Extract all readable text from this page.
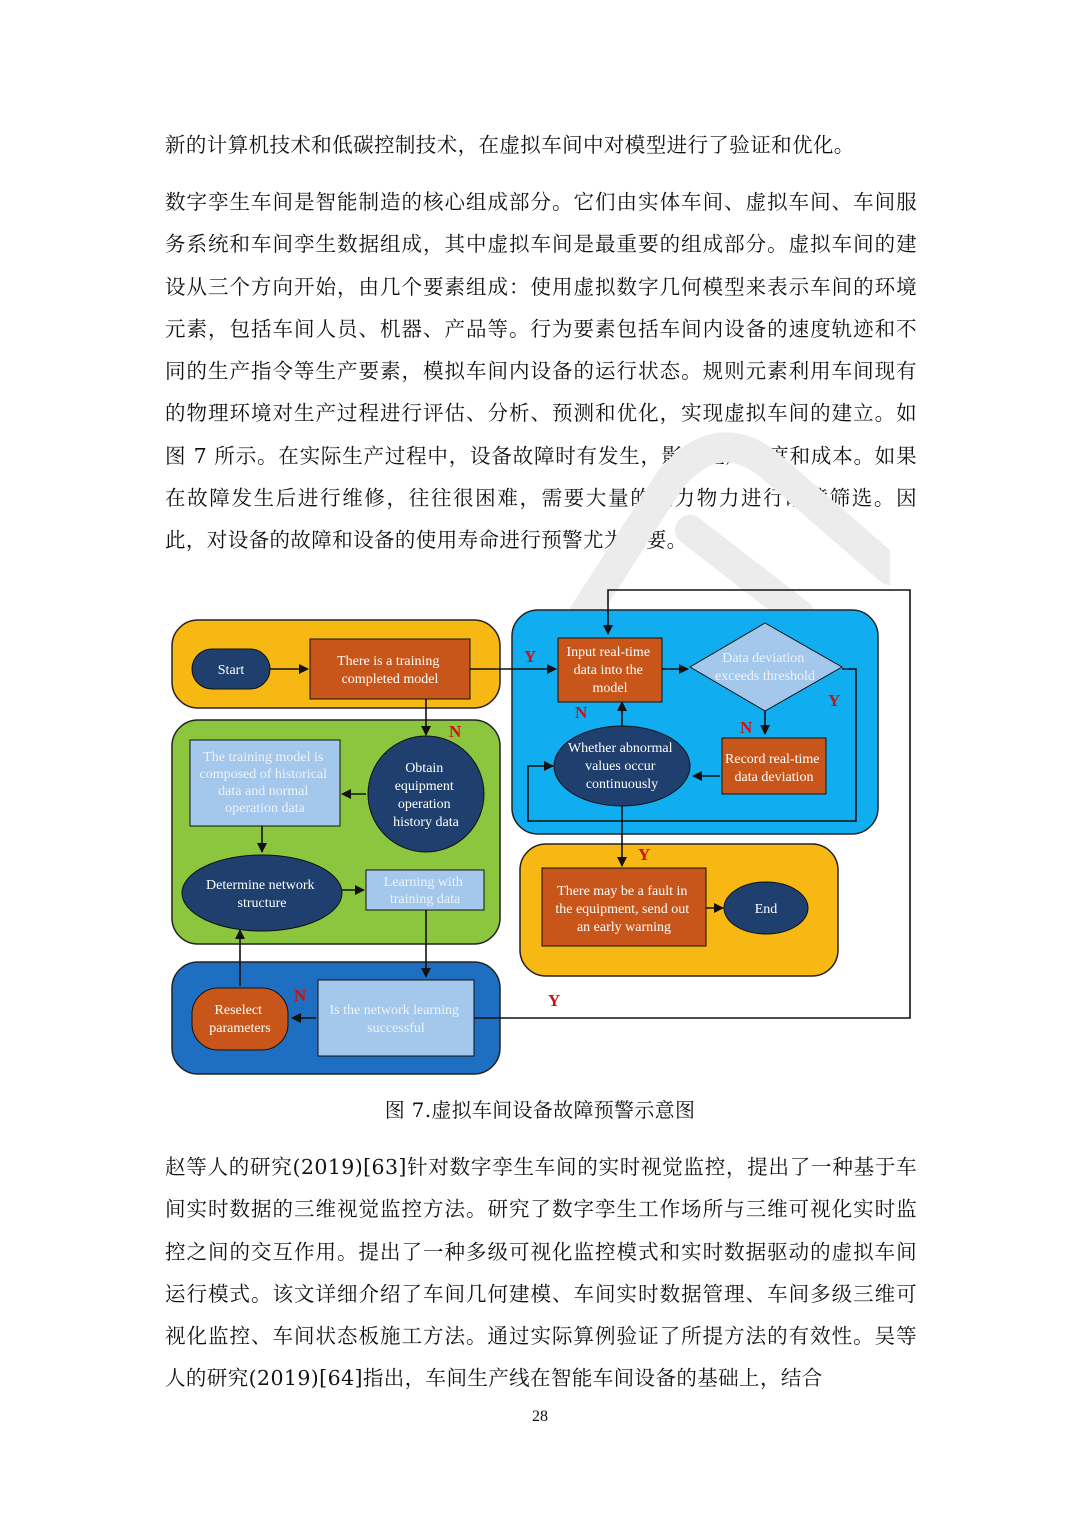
新的计算机技术和低碳控制技术，在虚拟车间中对模型进行了验证和优化。

数字孪生车间是智能制造的核心组成部分。它们由实体车间、虚拟车间、车间服务系统和车间孪生数据组成，其中虚拟车间是最重要的组成部分。虚拟车间的建设从三个方向开始，由几个要素组成：使用虚拟数字几何模型来表示车间的环境元素，包括车间人员、机器、产品等。行为要素包括车间内设备的速度轨迹和不同的生产指令等生产要素，模拟车间内设备的运行状态。规则元素利用车间现有的物理环境对生产过程进行评估、分析、预测和优化，实现虚拟车间的建立。如图 7 所示。在实际生产过程中，设备故障时有发生，影响生产进度和成本。如果在故障发生后进行维修，往往很困难，需要大量的人力物力进行故障筛选。因此，对设备的故障和设备的使用寿命进行预警尤为重要。

Start
There is a training completed model
Obtain equipment operation history data
The training model is composed of historical data and normal operation data
Determine network structure
Learning with training data
Reselect parameters
Is the network learning successful
Input real-time data into the model
Data deviation exceeds threshold
Record real-time data deviation
Whether abnormal values occur continuously
There may be a fault in the equipment, send out an early warning
End
N
N
Y
N
Y
N
Y
Y
图 7.虚拟车间设备故障预警示意图

赵等人的研究(2019)[63]针对数字孪生车间的实时视觉监控，提出了一种基于车间实时数据的三维视觉监控方法。研究了数字孪生工作场所与三维可视化实时监控之间的交互作用。提出了一种多级可视化监控模式和实时数据驱动的虚拟车间运行模式。该文详细介绍了车间几何建模、车间实时数据管理、车间多级三维可视化监控、车间状态板施工方法。通过实际算例验证了所提方法的有效性。吴等人的研究(2019)[64]指出，车间生产线在智能车间设备的基础上，结合

28
